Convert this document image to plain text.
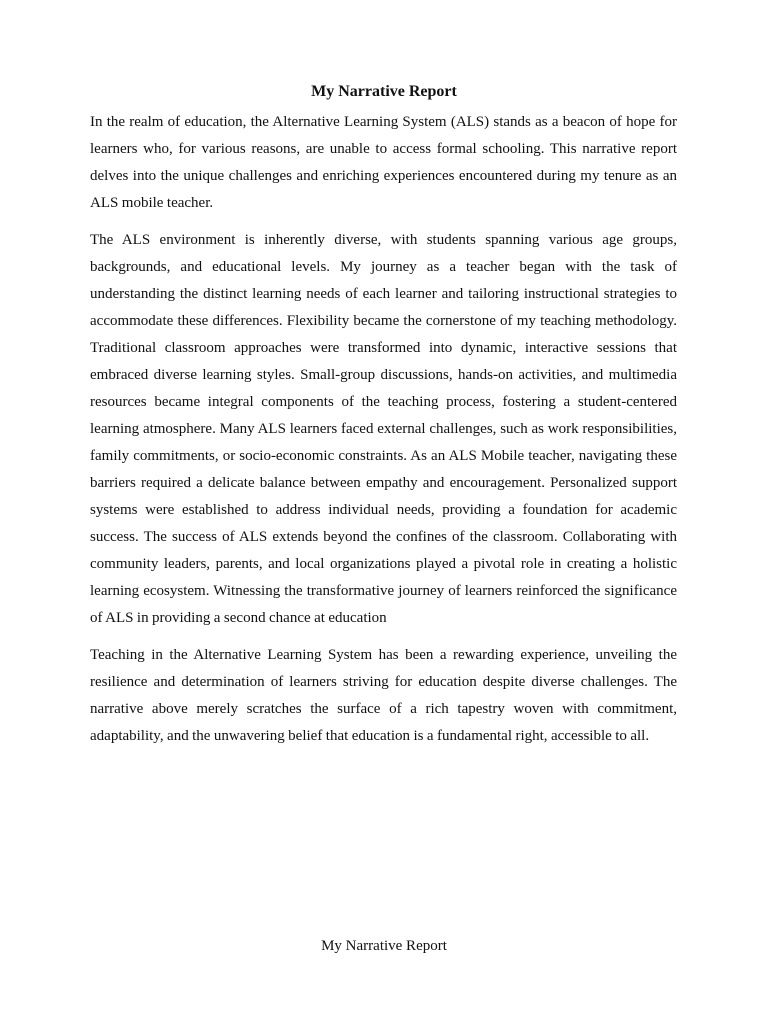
My Narrative Report

In the realm of education, the Alternative Learning System (ALS) stands as a beacon of hope for learners who, for various reasons, are unable to access formal schooling. This narrative report delves into the unique challenges and enriching experiences encountered during my tenure as an ALS mobile teacher.

The ALS environment is inherently diverse, with students spanning various age groups, backgrounds, and educational levels. My journey as a teacher began with the task of understanding the distinct learning needs of each learner and tailoring instructional strategies to accommodate these differences. Flexibility became the cornerstone of my teaching methodology. Traditional classroom approaches were transformed into dynamic, interactive sessions that embraced diverse learning styles. Small-group discussions, hands-on activities, and multimedia resources became integral components of the teaching process, fostering a student-centered learning atmosphere. Many ALS learners faced external challenges, such as work responsibilities, family commitments, or socio-economic constraints. As an ALS Mobile teacher, navigating these barriers required a delicate balance between empathy and encouragement. Personalized support systems were established to address individual needs, providing a foundation for academic success. The success of ALS extends beyond the confines of the classroom. Collaborating with community leaders, parents, and local organizations played a pivotal role in creating a holistic learning ecosystem. Witnessing the transformative journey of learners reinforced the significance of ALS in providing a second chance at education

Teaching in the Alternative Learning System has been a rewarding experience, unveiling the resilience and determination of learners striving for education despite diverse challenges. The narrative above merely scratches the surface of a rich tapestry woven with commitment, adaptability, and the unwavering belief that education is a fundamental right, accessible to all.

My Narrative Report
